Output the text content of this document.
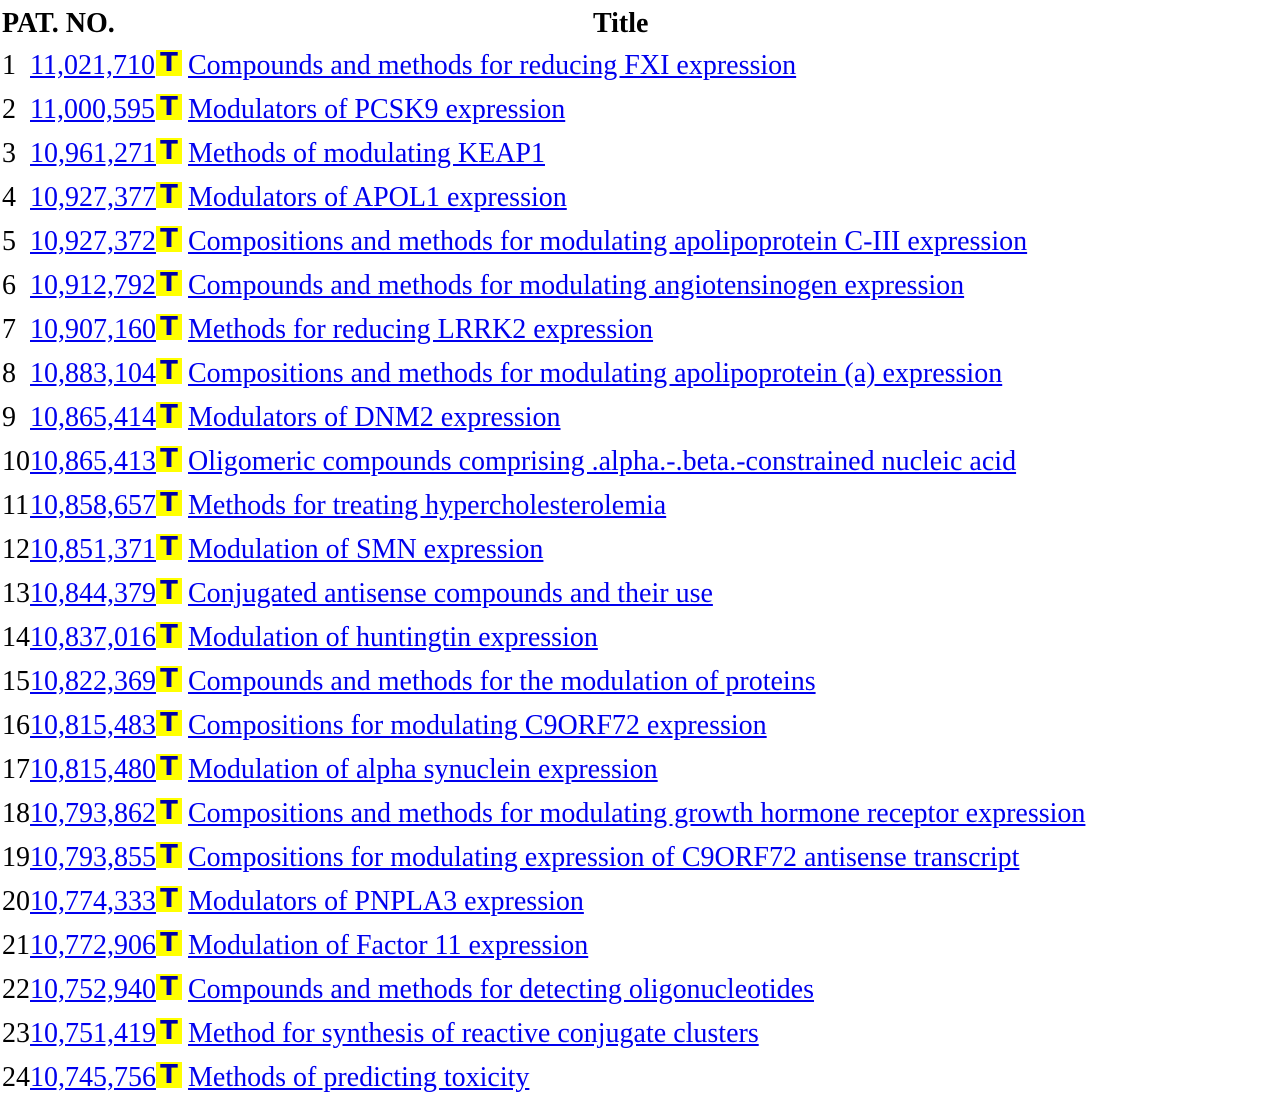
PAT. NO.		Title
1	11,021,710	T Compounds and methods for reducing FXI expression
2	11,000,595	T Modulators of PCSK9 expression
3	10,961,271	T Methods of modulating KEAP1
4	10,927,377	T Modulators of APOL1 expression
5	10,927,372	T Compositions and methods for modulating apolipoprotein C-III expression
6	10,912,792	T Compounds and methods for modulating angiotensinogen expression
7	10,907,160	T Methods for reducing LRRK2 expression
8	10,883,104	T Compositions and methods for modulating apolipoprotein (a) expression
9	10,865,414	T Modulators of DNM2 expression
10	10,865,413	T Oligomeric compounds comprising .alpha.-.beta.-constrained nucleic acid
11	10,858,657	T Methods for treating hypercholesterolemia
12	10,851,371	T Modulation of SMN expression
13	10,844,379	T Conjugated antisense compounds and their use
14	10,837,016	T Modulation of huntingtin expression
15	10,822,369	T Compounds and methods for the modulation of proteins
16	10,815,483	T Compositions for modulating C9ORF72 expression
17	10,815,480	T Modulation of alpha synuclein expression
18	10,793,862	T Compositions and methods for modulating growth hormone receptor expression
19	10,793,855	T Compositions for modulating expression of C9ORF72 antisense transcript
20	10,774,333	T Modulators of PNPLA3 expression
21	10,772,906	T Modulation of Factor 11 expression
22	10,752,940	T Compounds and methods for detecting oligonucleotides
23	10,751,419	T Method for synthesis of reactive conjugate clusters
24	10,745,756	T Methods of predicting toxicity
